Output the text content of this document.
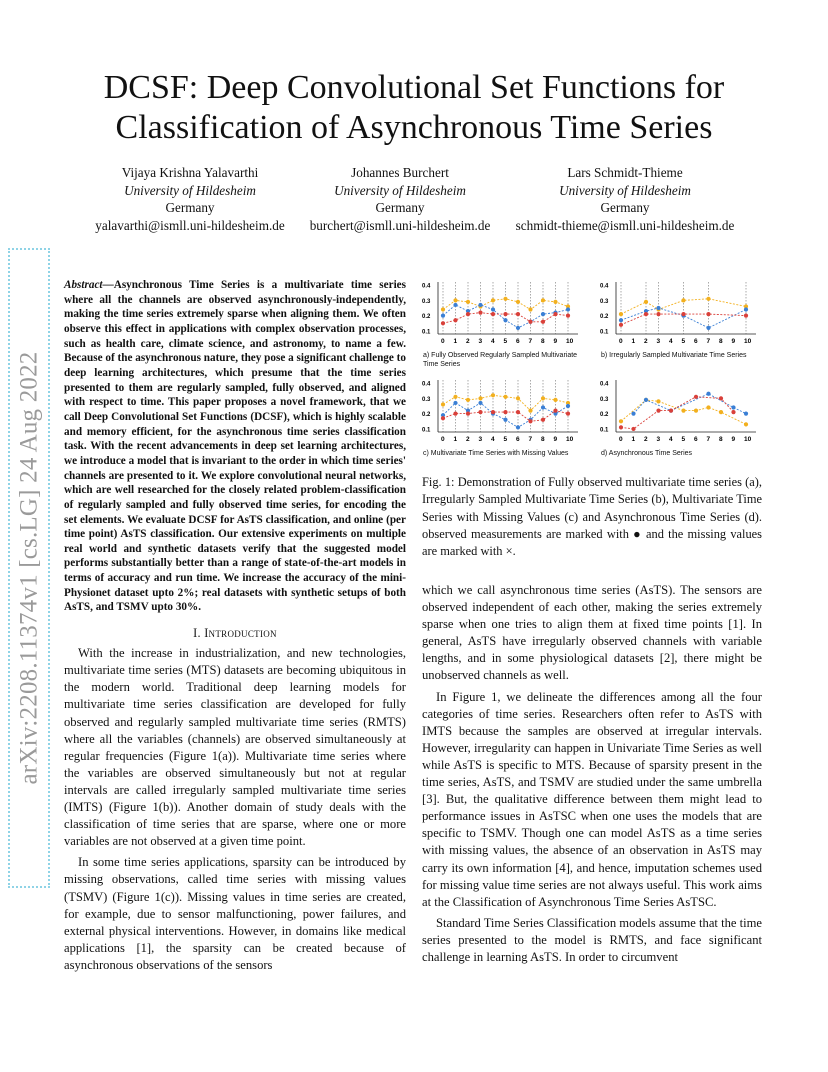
arXiv:2208.11374v1 [cs.LG] 24 Aug 2022
DCSF: Deep Convolutional Set Functions for Classification of Asynchronous Time Series
Vijaya Krishna Yalavarthi
University of Hildesheim
Germany
yalavarthi@ismll.uni-hildesheim.de
Johannes Burchert
University of Hildesheim
Germany
burchert@ismll.uni-hildesheim.de
Lars Schmidt-Thieme
University of Hildesheim
Germany
schmidt-thieme@ismll.uni-hildesheim.de

Abstract—Asynchronous Time Series is a multivariate time series where all the channels are observed asynchronously-independently, making the time series extremely sparse when aligning them. We often observe this effect in applications with complex observation processes, such as health care, climate science, and astronomy, to name a few. Because of the asynchronous nature, they pose a significant challenge to deep learning architectures, which presume that the time series presented to them are regularly sampled, fully observed, and aligned with respect to time. This paper proposes a novel framework, that we call Deep Convolutional Set Functions (DCSF), which is highly scalable and memory efficient, for the asynchronous time series classification task. With the recent advancements in deep set learning architectures, we introduce a model that is invariant to the order in which time series' channels are presented to it. We explore convolutional neural networks, which are well researched for the closely related problem-classification of regularly sampled and fully observed time series, for encoding the set elements. We evaluate DCSF for AsTS classification, and online (per time point) AsTS classification. Our extensive experiments on multiple real world and synthetic datasets verify that the suggested model performs substantially better than a range of state-of-the-art models in terms of accuracy and run time. We increase the accuracy of the mini-Physionet dataset upto 2%; real datasets with synthetic setups of both AsTS, and TSMV upto 30%.

I. Introduction

With the increase in industrialization, and new technologies, multivariate time series (MTS) datasets are becoming ubiquitous in the modern world. Traditional deep learning models for multivariate time series classification are developed for fully observed and regularly sampled multivariate time series (RMTS) where all the variables (channels) are observed simultaneously at regular frequencies (Figure 1(a)). Multivariate time series where the variables are observed simultaneously but not at regular intervals are called irregularly sampled multivariate time series (IMTS) (Figure 1(b)). Another domain of study deals with the classification of time series that are sparse, where one or more variables are not observed at a given time point.

In some time series applications, sparsity can be introduced by missing observations, called time series with missing values (TSMV) (Figure 1(c)). Missing values in time series are created, for example, due to sensor malfunctioning, power failures, and external physical interventions. However, in domains like medical applications [1], the sparsity can be created because of asynchronous observations of the sensors

0.4
0.3
0.2
0.1
0 1 2 3 4 5 6 7 8 9 10
a) Fully Observed Regularly Sampled Multivariate Time Series
0.4
0.3
0.2
0.1
0 1 2 3 4 5 6 7 8 9 10
b) Irregularly Sampled Multivariate Time Series
0.4
0.3
0.2
0.1
0 1 2 3 4 5 6 7 8 9 10
c) Multivariate Time Series with Missing Values
0.4
0.3
0.2
0.1
0 1 2 3 4 5 6 7 8 9 10
d) Asynchronous Time Series

Fig. 1: Demonstration of Fully observed multivariate time series (a), Irregularly Sampled Multivariate Time Series (b), Multivariate Time Series with Missing Values (c) and Asynchronous Time Series (d). observed measurements are marked with ● and the missing values are marked with ×.

which we call asynchronous time series (AsTS). The sensors are observed independent of each other, making the series extremely sparse when one tries to align them at fixed time points [1]. In general, AsTS have irregularly observed channels with variable lengths, and in some physiological datasets [2], there might be unobserved channels as well.

In Figure 1, we delineate the differences among all the four categories of time series. Researchers often refer to AsTS with IMTS because the samples are observed at irregular intervals. However, irregularity can happen in Univariate Time Series as well while AsTS is specific to MTS. Because of sparsity present in the time series, AsTS, and TSMV are studied under the same umbrella [3]. But, the qualitative difference between them might lead to performance issues in AsTSC when one uses the models that are specific to TSMV. Though one can model AsTS as a time series with missing values, the absence of an observation in AsTS may carry its own information [4], and hence, imputation schemes used for missing value time series are not always useful. This work aims at the Classification of Asynchronous Time Series AsTSC.

Standard Time Series Classification models assume that the time series presented to the model is RMTS, and face significant challenge in learning AsTS. In order to circumvent
